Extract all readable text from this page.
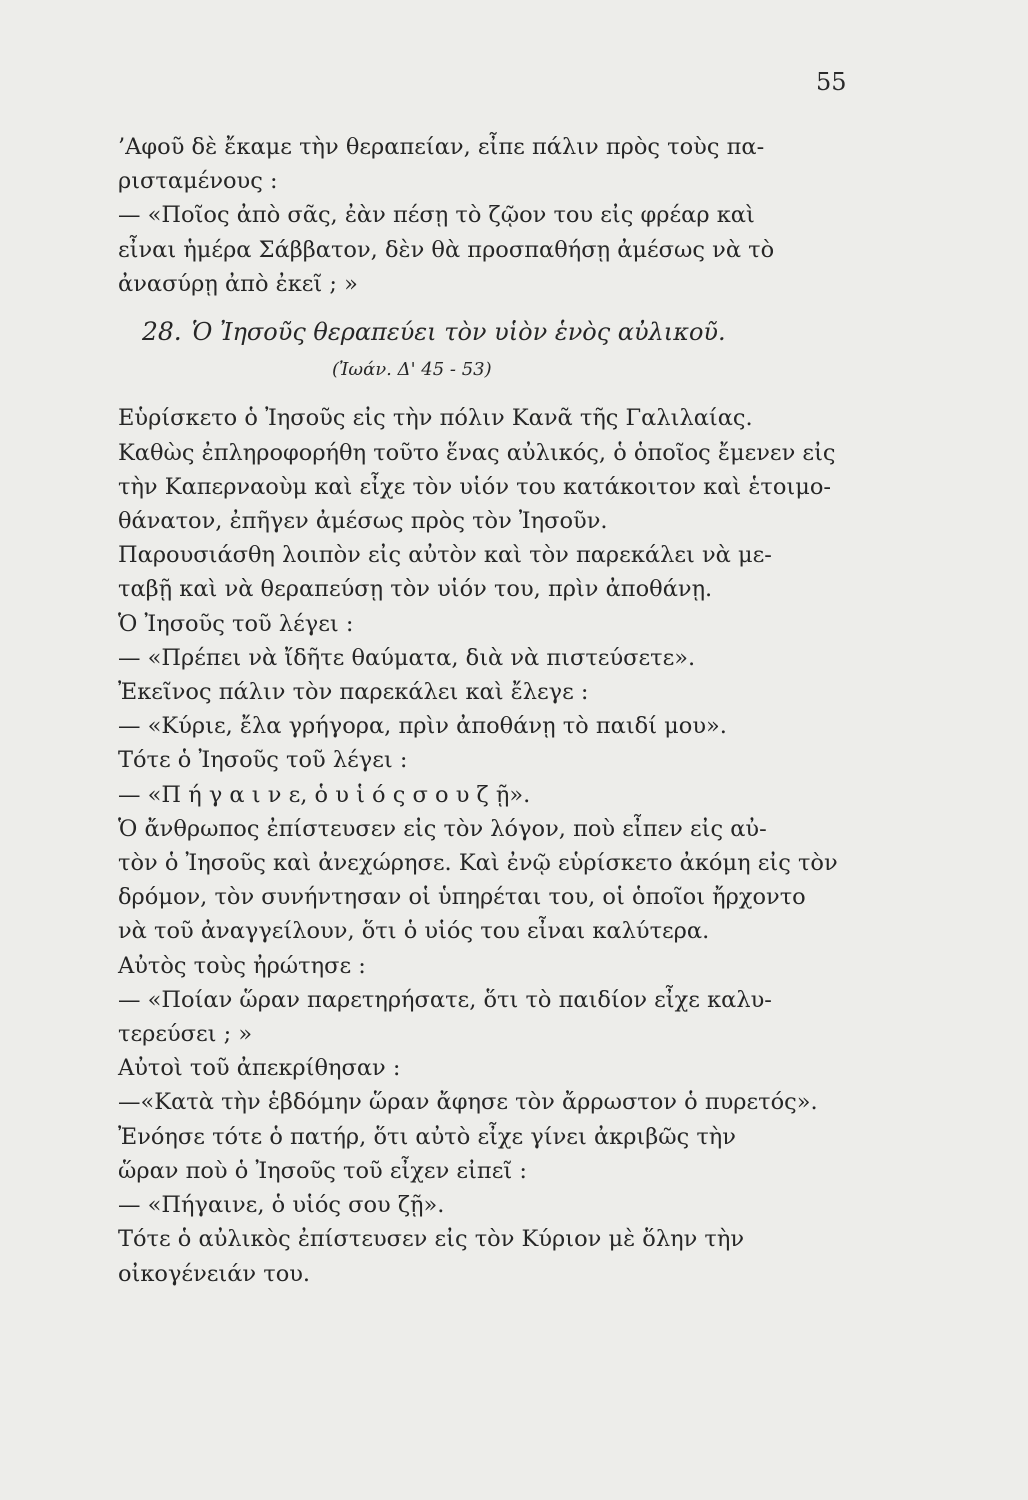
55
’Αφοῦ δὲ ἔκαμε τὴν θεραπείαν, εἶπε πάλιν πρὸς τοὺς πα-
ρισταμένους :
— «Ποῖος ἀπὸ σᾶς, ἐὰν πέσῃ τὸ ζῷον του εἰς φρέαρ καὶ
εἶναι ἡμέρα Σάββατον, δὲν θὰ προσπαθήσῃ ἀμέσως νὰ τὸ
ἀνασύρῃ ἀπὸ ἐκεῖ ; »
28. Ὁ Ἰησοῦς θεραπεύει τὸν υἱὸν ἑνὸς αὐλικοῦ.
(Ἰωάν. Δ' 45 - 53)
Εὑρίσκετο ὁ Ἰησοῦς εἰς τὴν πόλιν Κανᾶ τῆς Γαλιλαίας.
Καθὼς ἐπληροφορήθη τοῦτο ἕνας αὐλικός, ὁ ὁποῖος ἔμενεν εἰς
τὴν Καπερναοὺμ καὶ εἶχε τὸν υἱόν του κατάκοιτον καὶ ἑτοιμο-
θάνατον, ἐπῆγεν ἀμέσως πρὸς τὸν Ἰησοῦν.
Παρουσιάσθη λοιπὸν εἰς αὐτὸν καὶ τὸν παρεκάλει νὰ με-
ταβῇ καὶ νὰ θεραπεύσῃ τὸν υἱόν του, πρὶν ἀποθάνῃ.
Ὁ Ἰησοῦς τοῦ λέγει :
— «Πρέπει νὰ ἴδῆτε θαύματα, διὰ νὰ πιστεύσετε».
Ἐκεῖνος πάλιν τὸν παρεκάλει καὶ ἔλεγε :
— «Κύριε, ἔλα γρήγορα, πρὶν ἀποθάνῃ τὸ παιδί μου».
Τότε ὁ Ἰησοῦς τοῦ λέγει :
— «Π ή γ α ι ν ε, ὁ υ ἱ ό ς σ ο υ ζ ῇ».
Ὁ ἄνθρωπος ἐπίστευσεν εἰς τὸν λόγον, ποὺ εἶπεν εἰς αὐ-
τὸν ὁ Ἰησοῦς καὶ ἀνεχώρησε. Καὶ ἐνῷ εὑρίσκετο ἀκόμη εἰς τὸν
δρόμον, τὸν συνήντησαν οἱ ὑπηρέται του, οἱ ὁποῖοι ἤρχοντο
νὰ τοῦ ἀναγγείλουν, ὅτι ὁ υἱός του εἶναι καλύτερα.
Αὐτὸς τοὺς ἠρώτησε :
— «Ποίαν ὥραν παρετηρήσατε, ὅτι τὸ παιδίον εἶχε καλυ-
τερεύσει ; »
Αὐτοὶ τοῦ ἀπεκρίθησαν :
—«Κατὰ τὴν ἑβδόμην ὥραν ἄφησε τὸν ἄρρωστον ὁ πυρετός».
Ἐνόησε τότε ὁ πατήρ, ὅτι αὐτὸ εἶχε γίνει ἀκριβῶς τὴν
ὥραν ποὺ ὁ Ἰησοῦς τοῦ εἶχεν εἰπεῖ :
— «Πήγαινε, ὁ υἱός σου ζῇ».
Τότε ὁ αὐλικὸς ἐπίστευσεν εἰς τὸν Κύριον μὲ ὅλην τὴν
οἰκογένειάν του.
